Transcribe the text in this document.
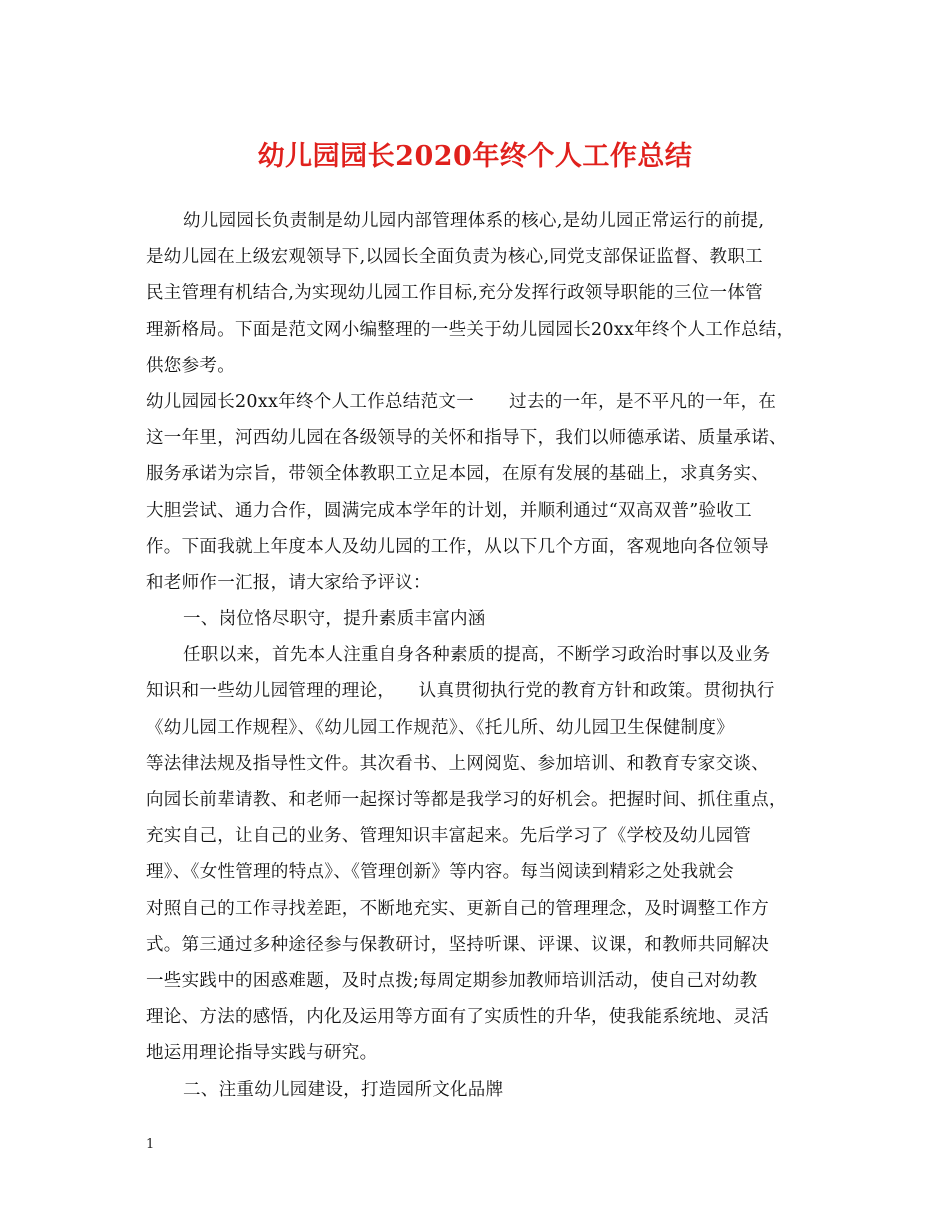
幼儿园园长2020年终个人工作总结
幼儿园园长负责制是幼儿园内部管理体系的核心,是幼儿园正常运行的前提,
是幼儿园在上级宏观领导下,以园长全面负责为核心,同党支部保证监督、教职工
民主管理有机结合,为实现幼儿园工作目标,充分发挥行政领导职能的三位一体管
理新格局。下面是范文网小编整理的一些关于幼儿园园长20xx年终个人工作总结，
供您参考。
幼儿园园长20xx年终个人工作总结范文一      过去的一年，是不平凡的一年，在
这一年里，河西幼儿园在各级领导的关怀和指导下，我们以师德承诺、质量承诺、
服务承诺为宗旨，带领全体教职工立足本园，在原有发展的基础上，求真务实、
大胆尝试、通力合作，圆满完成本学年的计划，并顺利通过“双高双普”验收工
作。下面我就上年度本人及幼儿园的工作，从以下几个方面，客观地向各位领导
和老师作一汇报，请大家给予评议：
一、岗位恪尽职守，提升素质丰富内涵
任职以来，首先本人注重自身各种素质的提高，不断学习政治时事以及业务
知识和一些幼儿园管理的理论，    认真贯彻执行党的教育方针和政策。贯彻执行
《幼儿园工作规程》、《幼儿园工作规范》、《托儿所、幼儿园卫生保健制度》
等法律法规及指导性文件。其次看书、上网阅览、参加培训、和教育专家交谈、
向园长前辈请教、和老师一起探讨等都是我学习的好机会。把握时间、抓住重点，
充实自己，让自己的业务、管理知识丰富起来。先后学习了《学校及幼儿园管
理》、《女性管理的特点》、《管理创新》等内容。每当阅读到精彩之处我就会
对照自己的工作寻找差距，不断地充实、更新自己的管理理念，及时调整工作方
式。第三通过多种途径参与保教研讨，坚持听课、评课、议课，和教师共同解决
一些实践中的困惑难题，及时点拨;每周定期参加教师培训活动，使自己对幼教
理论、方法的感悟，内化及运用等方面有了实质性的升华，使我能系统地、灵活
地运用理论指导实践与研究。
二、注重幼儿园建设，打造园所文化品牌
1
